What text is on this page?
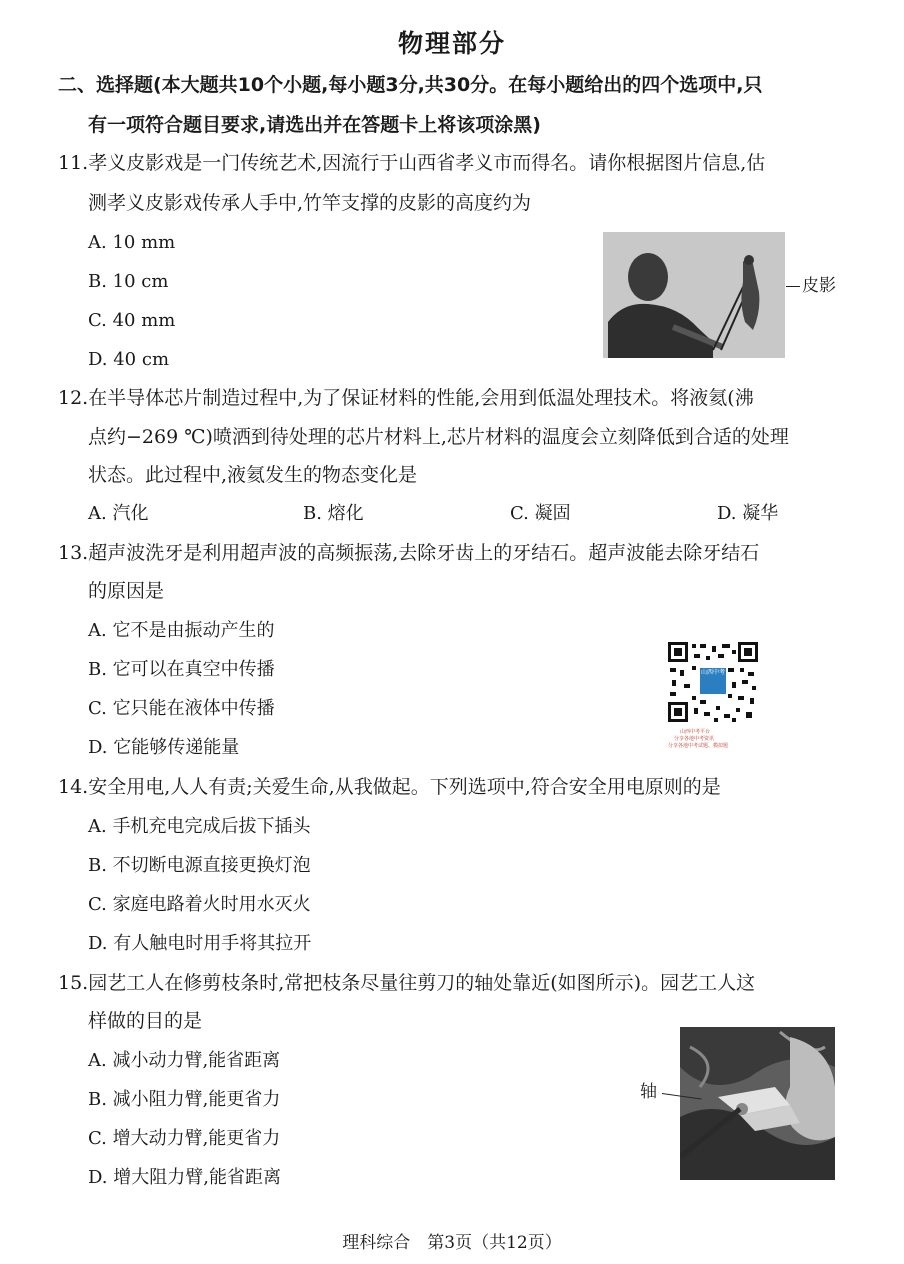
物理部分
二、选择题(本大题共10个小题,每小题3分,共30分。在每小题给出的四个选项中,只
有一项符合题目要求,请选出并在答题卡上将该项涂黑)
11.孝义皮影戏是一门传统艺术,因流行于山西省孝义市而得名。请你根据图片信息,估
测孝义皮影戏传承人手中,竹竿支撑的皮影的高度约为
A. 10 mm
B. 10 cm
C. 40 mm
D. 40 cm
皮影
12.在半导体芯片制造过程中,为了保证材料的性能,会用到低温处理技术。将液氦(沸
点约−269 ℃)喷洒到待处理的芯片材料上,芯片材料的温度会立刻降低到合适的处理
状态。此过程中,液氦发生的物态变化是
A. 汽化	B. 熔化	C. 凝固	D. 凝华
13.超声波洗牙是利用超声波的高频振荡,去除牙齿上的牙结石。超声波能去除牙结石
的原因是
A. 它不是由振动产生的
B. 它可以在真空中传播
C. 它只能在液体中传播
D. 它能够传递能量
山西中考
山西中考平台
分享各地中考资讯
分享各地中考试题、模拟题
14.安全用电,人人有责;关爱生命,从我做起。下列选项中,符合安全用电原则的是
A. 手机充电完成后拔下插头
B. 不切断电源直接更换灯泡
C. 家庭电路着火时用水灭火
D. 有人触电时用手将其拉开
15.园艺工人在修剪枝条时,常把枝条尽量往剪刀的轴处靠近(如图所示)。园艺工人这
样做的目的是
A. 减小动力臂,能省距离
B. 减小阻力臂,能更省力
C. 增大动力臂,能更省力
D. 增大阻力臂,能省距离
轴
理科综合　第3页（共12页）
